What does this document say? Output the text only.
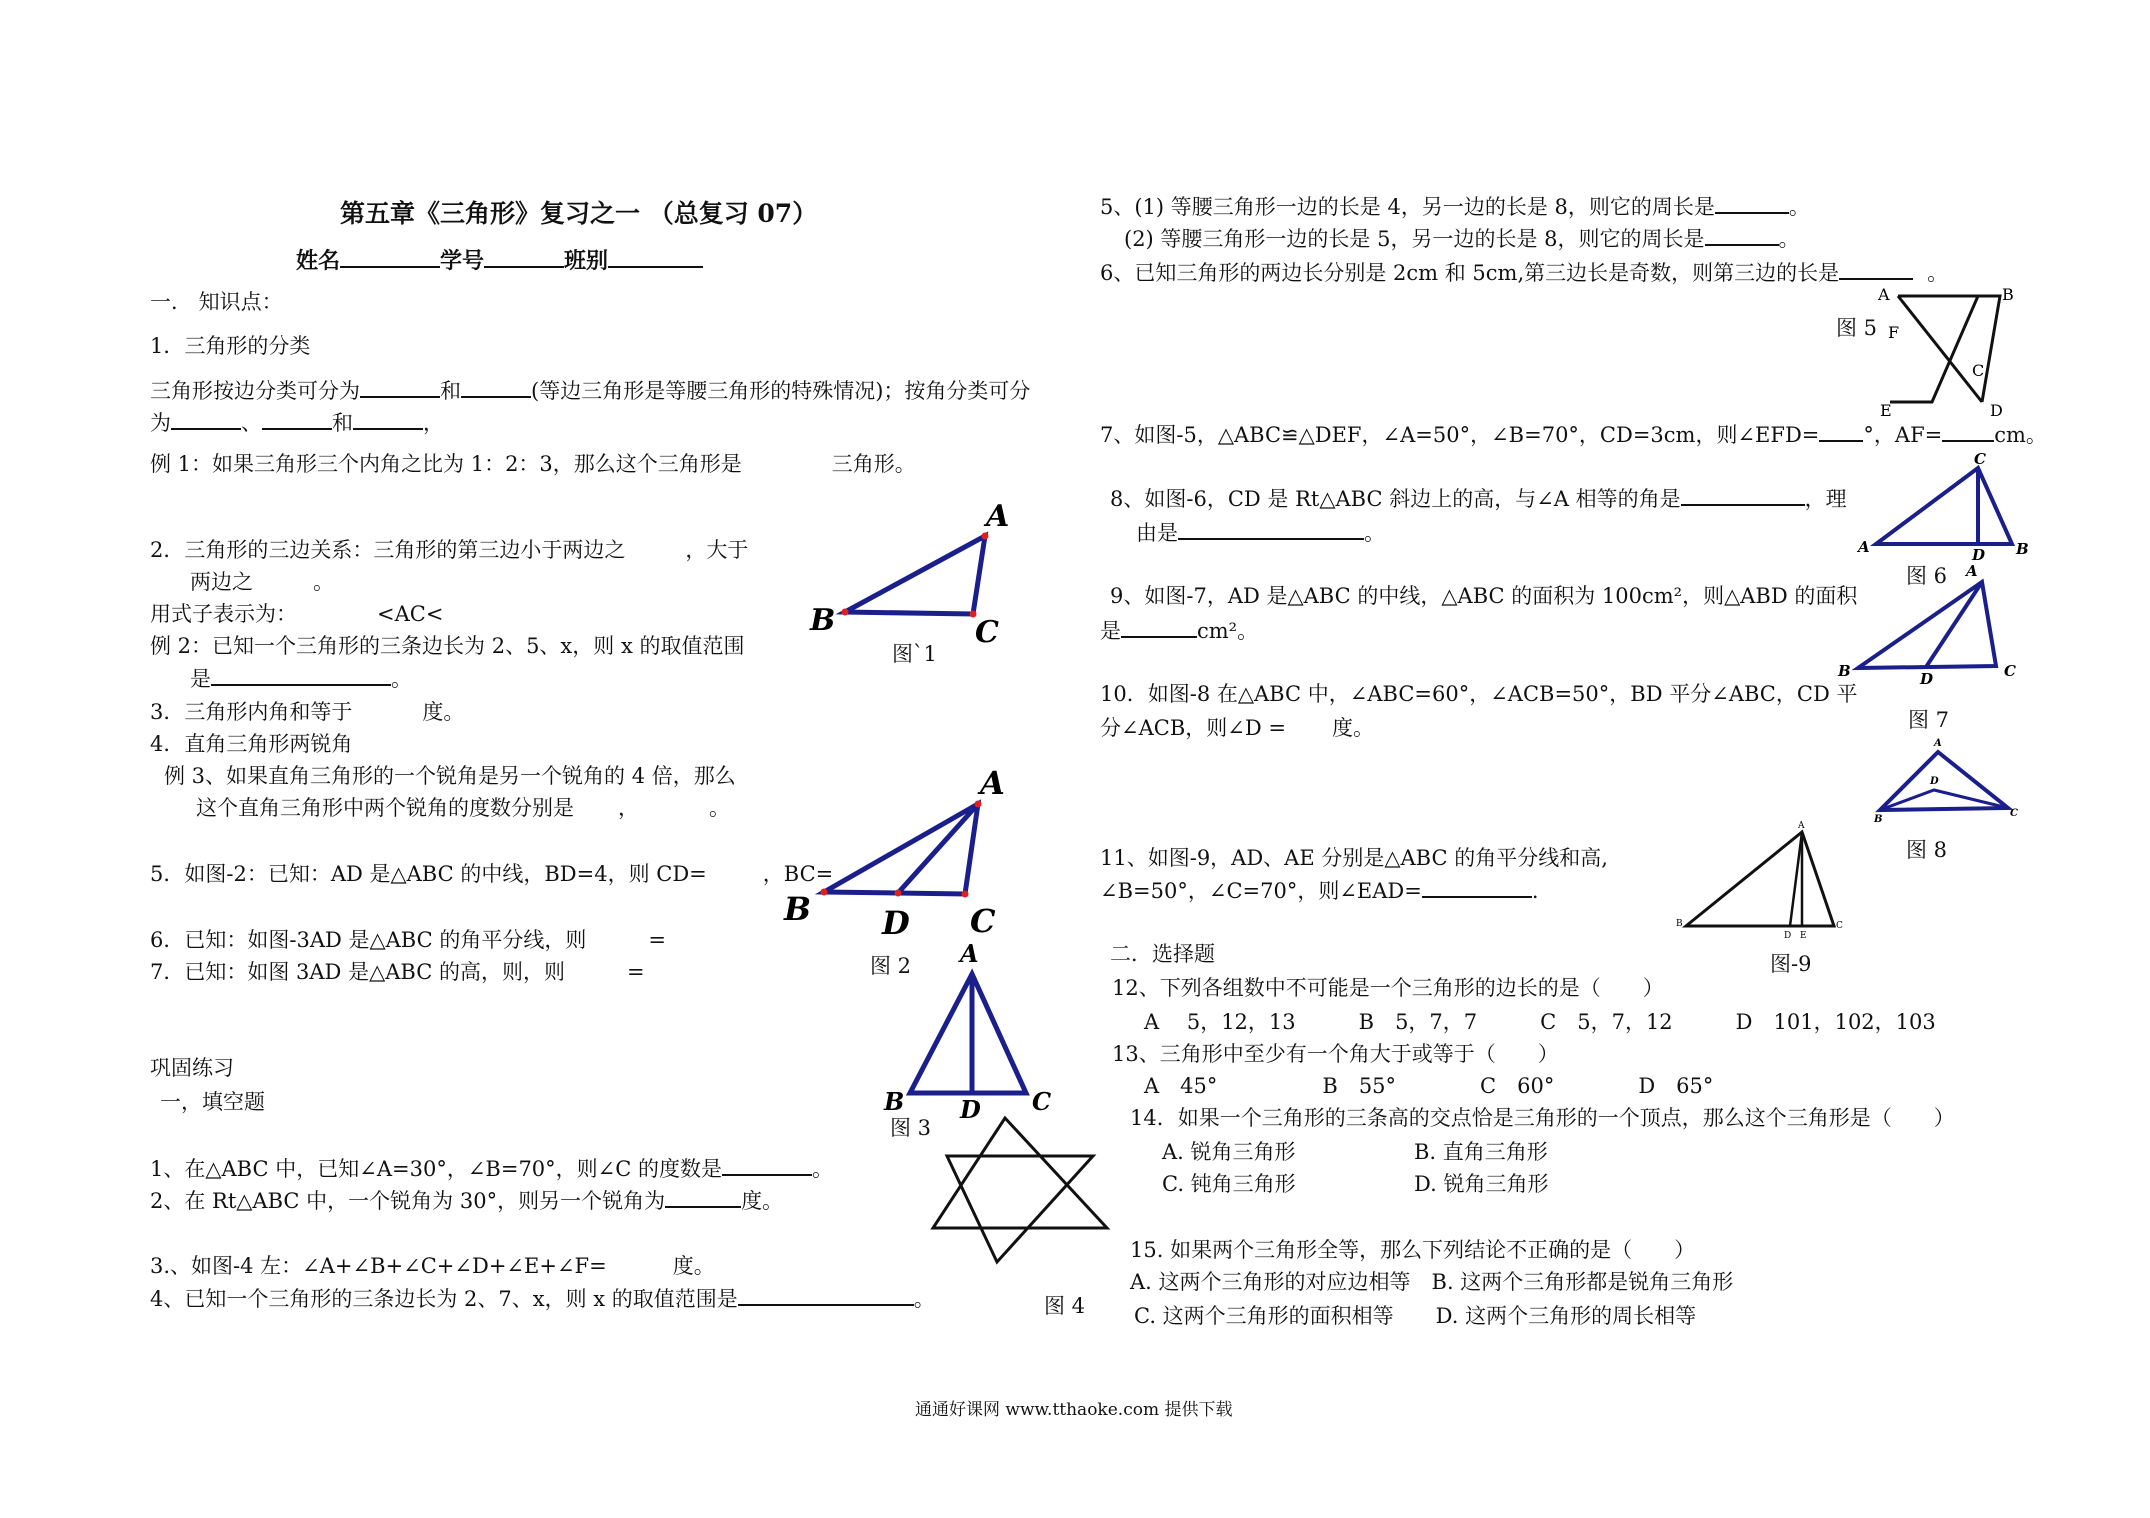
第五章《三角形》复习之一 （总复习 07）
姓名	学号	班别
一． 知识点：
1．三角形的分类
三角形按边分类可分为	和	(等边三角形是等腰三角形的特殊情况)；按角分类可分
为	、	和	，
例 1：如果三角形三个内角之比为 1：2：3，那么这个三角形是	三角形。
2．三角形的三边关系：三角形的第三边小于两边之	，大于
两边之	。
用式子表示为：	<AC<
例 2：已知一个三角形的三条边长为 2、5、x，则 x 的取值范围
是	。
3．三角形内角和等于	度。
4．直角三角形两锐角
例 3、如果直角三角形的一个锐角是另一个锐角的 4 倍，那么
这个直角三角形中两个锐角的度数分别是 ，	。
5．如图-2：已知：AD 是△ABC 的中线，BD=4，则 CD=	，BC=
6．已知：如图-3AD 是△ABC 的角平分线，则	=
7．已知：如图 3AD 是△ABC 的高，则，则	=
巩固练习
一，填空题
1、在△ABC 中，已知∠A=30°，∠B=70°，则∠C 的度数是	。
2、在 Rt△ABC 中，一个锐角为 30°，则另一个锐角为	度。
3.、如图-4 左：∠A+∠B+∠C+∠D+∠E+∠F=	度。
4、已知一个三角形的三条边长为 2、7、x，则 x 的取值范围是	。
A
B	C
图`1
A
B D C
图 2 A
B D C
图 3
图 4
5、(1) 等腰三角形一边的长是 4，另一边的长是 8，则它的周长是	。
(2) 等腰三角形一边的长是 5，另一边的长是 8，则它的周长是	。
6、已知三角形的两边长分别是 2cm 和 5cm,第三边长是奇数，则第三边的长是	。
A	B
F
C
E	D
图 5
7、如图-5，△ABC≌△DEF，∠A=50°，∠B=70°，CD=3cm，则∠EFD= °，AF= cm。
8、如图-6，CD 是 Rt△ABC 斜边上的高，与∠A 相等的角是	，理
由是	。
C
A	D B
图 6
9、如图-7，AD 是△ABC 的中线，△ABC 的面积为 100cm²，则△ABD 的面积
是	cm²。
A
B	D	C
图 7
10．如图-8 在△ABC 中，∠ABC=60°，∠ACB=50°，BD 平分∠ABC，CD 平
分∠ACB，则∠D = 度。
A
D
B
C
图 8
11、如图-9，AD、AE 分别是△ABC 的角平分线和高,
∠B=50°，∠C=70°，则∠EAD=	.
A
B
D E
C
图-9
二．选择题
12、下列各组数中不可能是一个三角形的边长的是（　　）
A　 5，12，13　　　B　5，7，7　　　C　5，7，12　　　D　101，102，103
13、三角形中至少有一个角大于或等于（　　）
A　45°　　　　　B　55°　　　　C　60°　　　　D　65°
14．如果一个三角形的三条高的交点恰是三角形的一个顶点，那么这个三角形是（　　）
A. 锐角三角形	B. 直角三角形
C. 钝角三角形	D. 锐角三角形
15. 如果两个三角形全等，那么下列结论不正确的是（　　）
A. 这两个三角形的对应边相等　B. 这两个三角形都是锐角三角形
C. 这两个三角形的面积相等　　D. 这两个三角形的周长相等
通通好课网 www.tthaoke.com 提供下载
